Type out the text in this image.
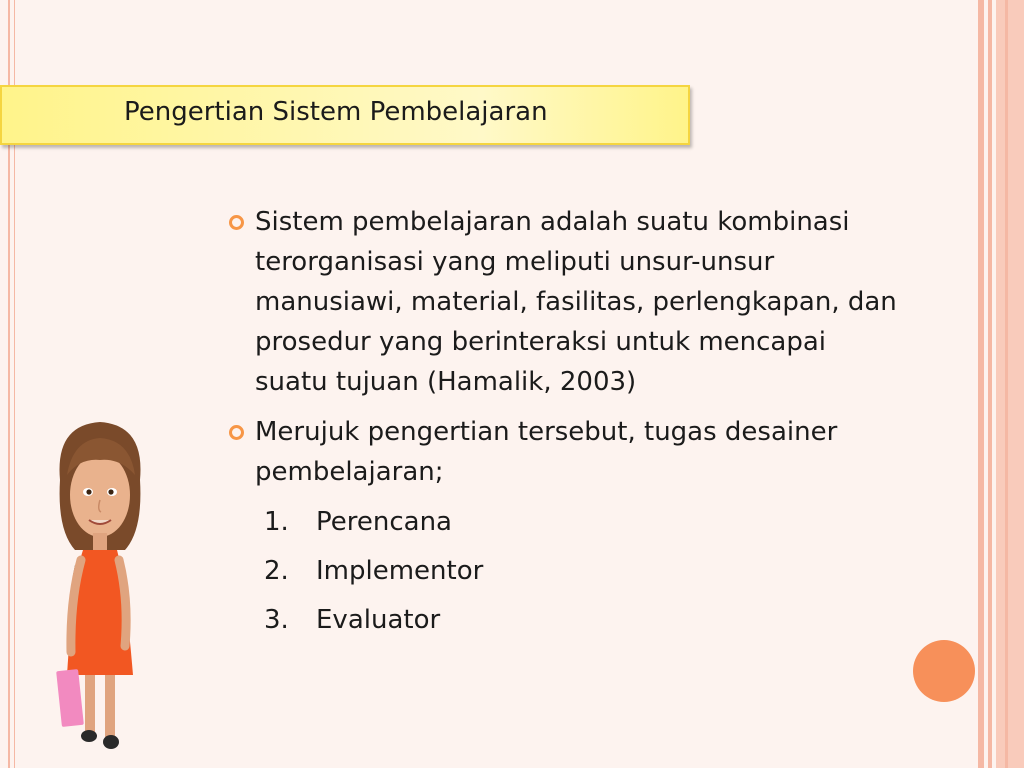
Pengertian Sistem Pembelajaran
Sistem pembelajaran adalah suatu kombinasi terorganisasi yang meliputi unsur-unsur manusiawi, material, fasilitas, perlengkapan, dan prosedur yang berinteraksi untuk mencapai suatu tujuan (Hamalik, 2003)
Merujuk pengertian tersebut, tugas desainer pembelajaran;
1. Perencana
2. Implementor
3. Evaluator
